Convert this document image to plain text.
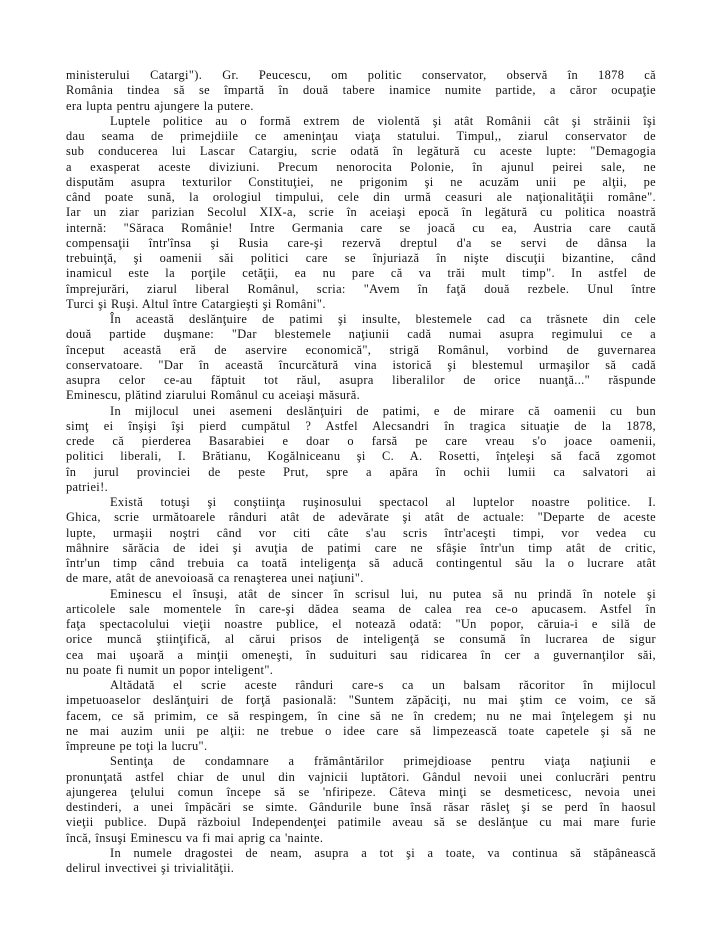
ministerului Catargi"). Gr. Peucescu, om politic conservator, observă în 1878 că
România tindea să se împartă în două tabere inamice numite partide, a căror ocupaţie
era lupta pentru ajungere la putere.

Luptele politice au o formă extrem de violentă şi atât Românii cât şi străinii îşi
dau seama de primejdiile ce ameninţau viaţa statului. Timpul,, ziarul conservator de
sub conducerea lui Lascar Catargiu, scrie odată în legătură cu aceste lupte: "Demagogia
a exasperat aceste diviziuni. Precum nenorocita Polonie, în ajunul peirei sale, ne
disputăm asupra texturilor Constituţiei, ne prigonim şi ne acuzăm unii pe alţii, pe
când poate sună, la orologiul timpului, cele din urmă ceasuri ale naţionalităţii române".
Iar un ziar parizian Secolul XIX-a, scrie în aceiaşi epocă în legătură cu politica noastră
internă: "Săraca Românie! Intre Germania care se joacă cu ea, Austria care caută
compensaţii într'însa şi Rusia care-şi rezervă dreptul d'a se servi de dânsa la
trebuinţă, şi oamenii săi politici care se înjuriază în nişte discuţii bizantine, când
inamicul este la porţile cetăţii, ea nu pare că va trăi mult timp". In astfel de
împrejurări, ziarul liberal Românul, scria: "Avem în faţă două rezbele. Unul între
Turci şi Ruşi. Altul între Catargieşti şi Români".

În această deslănţuire de patimi şi insulte, blestemele cad ca trăsnete din cele
două partide duşmane: "Dar blestemele naţiunii cadă numai asupra regimului ce a
început această eră de aservire economică", strigă Românul, vorbind de guvernarea
conservatoare. "Dar în această încurcătură vina istorică şi blestemul urmaşilor să cadă
asupra celor ce-au făptuit tot răul, asupra liberalilor de orice nuanţă..." răspunde
Eminescu, plătind ziarului Românul cu aceiaşi măsură.

In mijlocul unei asemeni deslănţuiri de patimi, e de mirare că oamenii cu bun
simţ ei înşişi îşi pierd cumpătul ? Astfel Alecsandri în tragica situaţie de la 1878,
crede că pierderea Basarabiei e doar o farsă pe care vreau s'o joace oamenii,
politici liberali, I. Brătianu, Kogălniceanu şi C. A. Rosetti, înţeleşi să facă zgomot
în jurul provinciei de peste Prut, spre a apăra în ochii lumii ca salvatori ai
patriei!.

Există totuşi şi conştiinţa ruşinosului spectacol al luptelor noastre politice. I.
Ghica, scrie următoarele rânduri atât de adevărate şi atât de actuale: "Departe de aceste
lupte, urmaşii noştri când vor citi câte s'au scris într'aceşti timpi, vor vedea cu
mâhnire sărăcia de idei şi avuţia de patimi care ne sfâşie într'un timp atât de critic,
într'un timp când trebuia ca toată inteligenţa să aducă contingentul său la o lucrare atât
de mare, atât de anevoioasă ca renaşterea unei naţiuni".

Eminescu el însuşi, atât de sincer în scrisul lui, nu putea să nu prindă în notele şi
articolele sale momentele în care-şi dădea seama de calea rea ce-o apucasem. Astfel în
faţa spectacolului vieţii noastre publice, el notează odată: "Un popor, căruia-i e silă de
orice muncă ştiinţifică, al cărui prisos de inteligenţă se consumă în lucrarea de sigur
cea mai uşoară a minţii omeneşti, în suduituri sau ridicarea în cer a guvernanţilor săi,
nu poate fi numit un popor inteligent".

Altădată el scrie aceste rânduri care-s ca un balsam răcoritor în mijlocul
impetuoaselor deslănţuiri de forţă pasională: "Suntem zăpăciţi, nu mai ştim ce voim, ce să
facem, ce să primim, ce să respingem, în cine să ne în credem; nu ne mai înţelegem şi nu
ne mai auzim unii pe alţii: ne trebue o idee care să limpezească toate capetele şi să ne
împreune pe toţi la lucru".

Sentinţa de condamnare a frământărilor primejdioase pentru viaţa naţiunii e
pronunţată astfel chiar de unul din vajnicii luptători. Gândul nevoii unei conlucrări pentru
ajungerea ţelului comun începe să se 'nfiripeze. Câteva minţi se desmeticesc, nevoia unei
destinderi, a unei împăcări se simte. Gândurile bune însă răsar răsleţ şi se perd în haosul
vieţii publice. După războiul Independenţei patimile aveau să se deslănţue cu mai mare furie
încă, însuşi Eminescu va fi mai aprig ca 'nainte.

In numele dragostei de neam, asupra a tot şi a toate, va continua să stăpânească
delirul invectivei şi trivialităţii.
